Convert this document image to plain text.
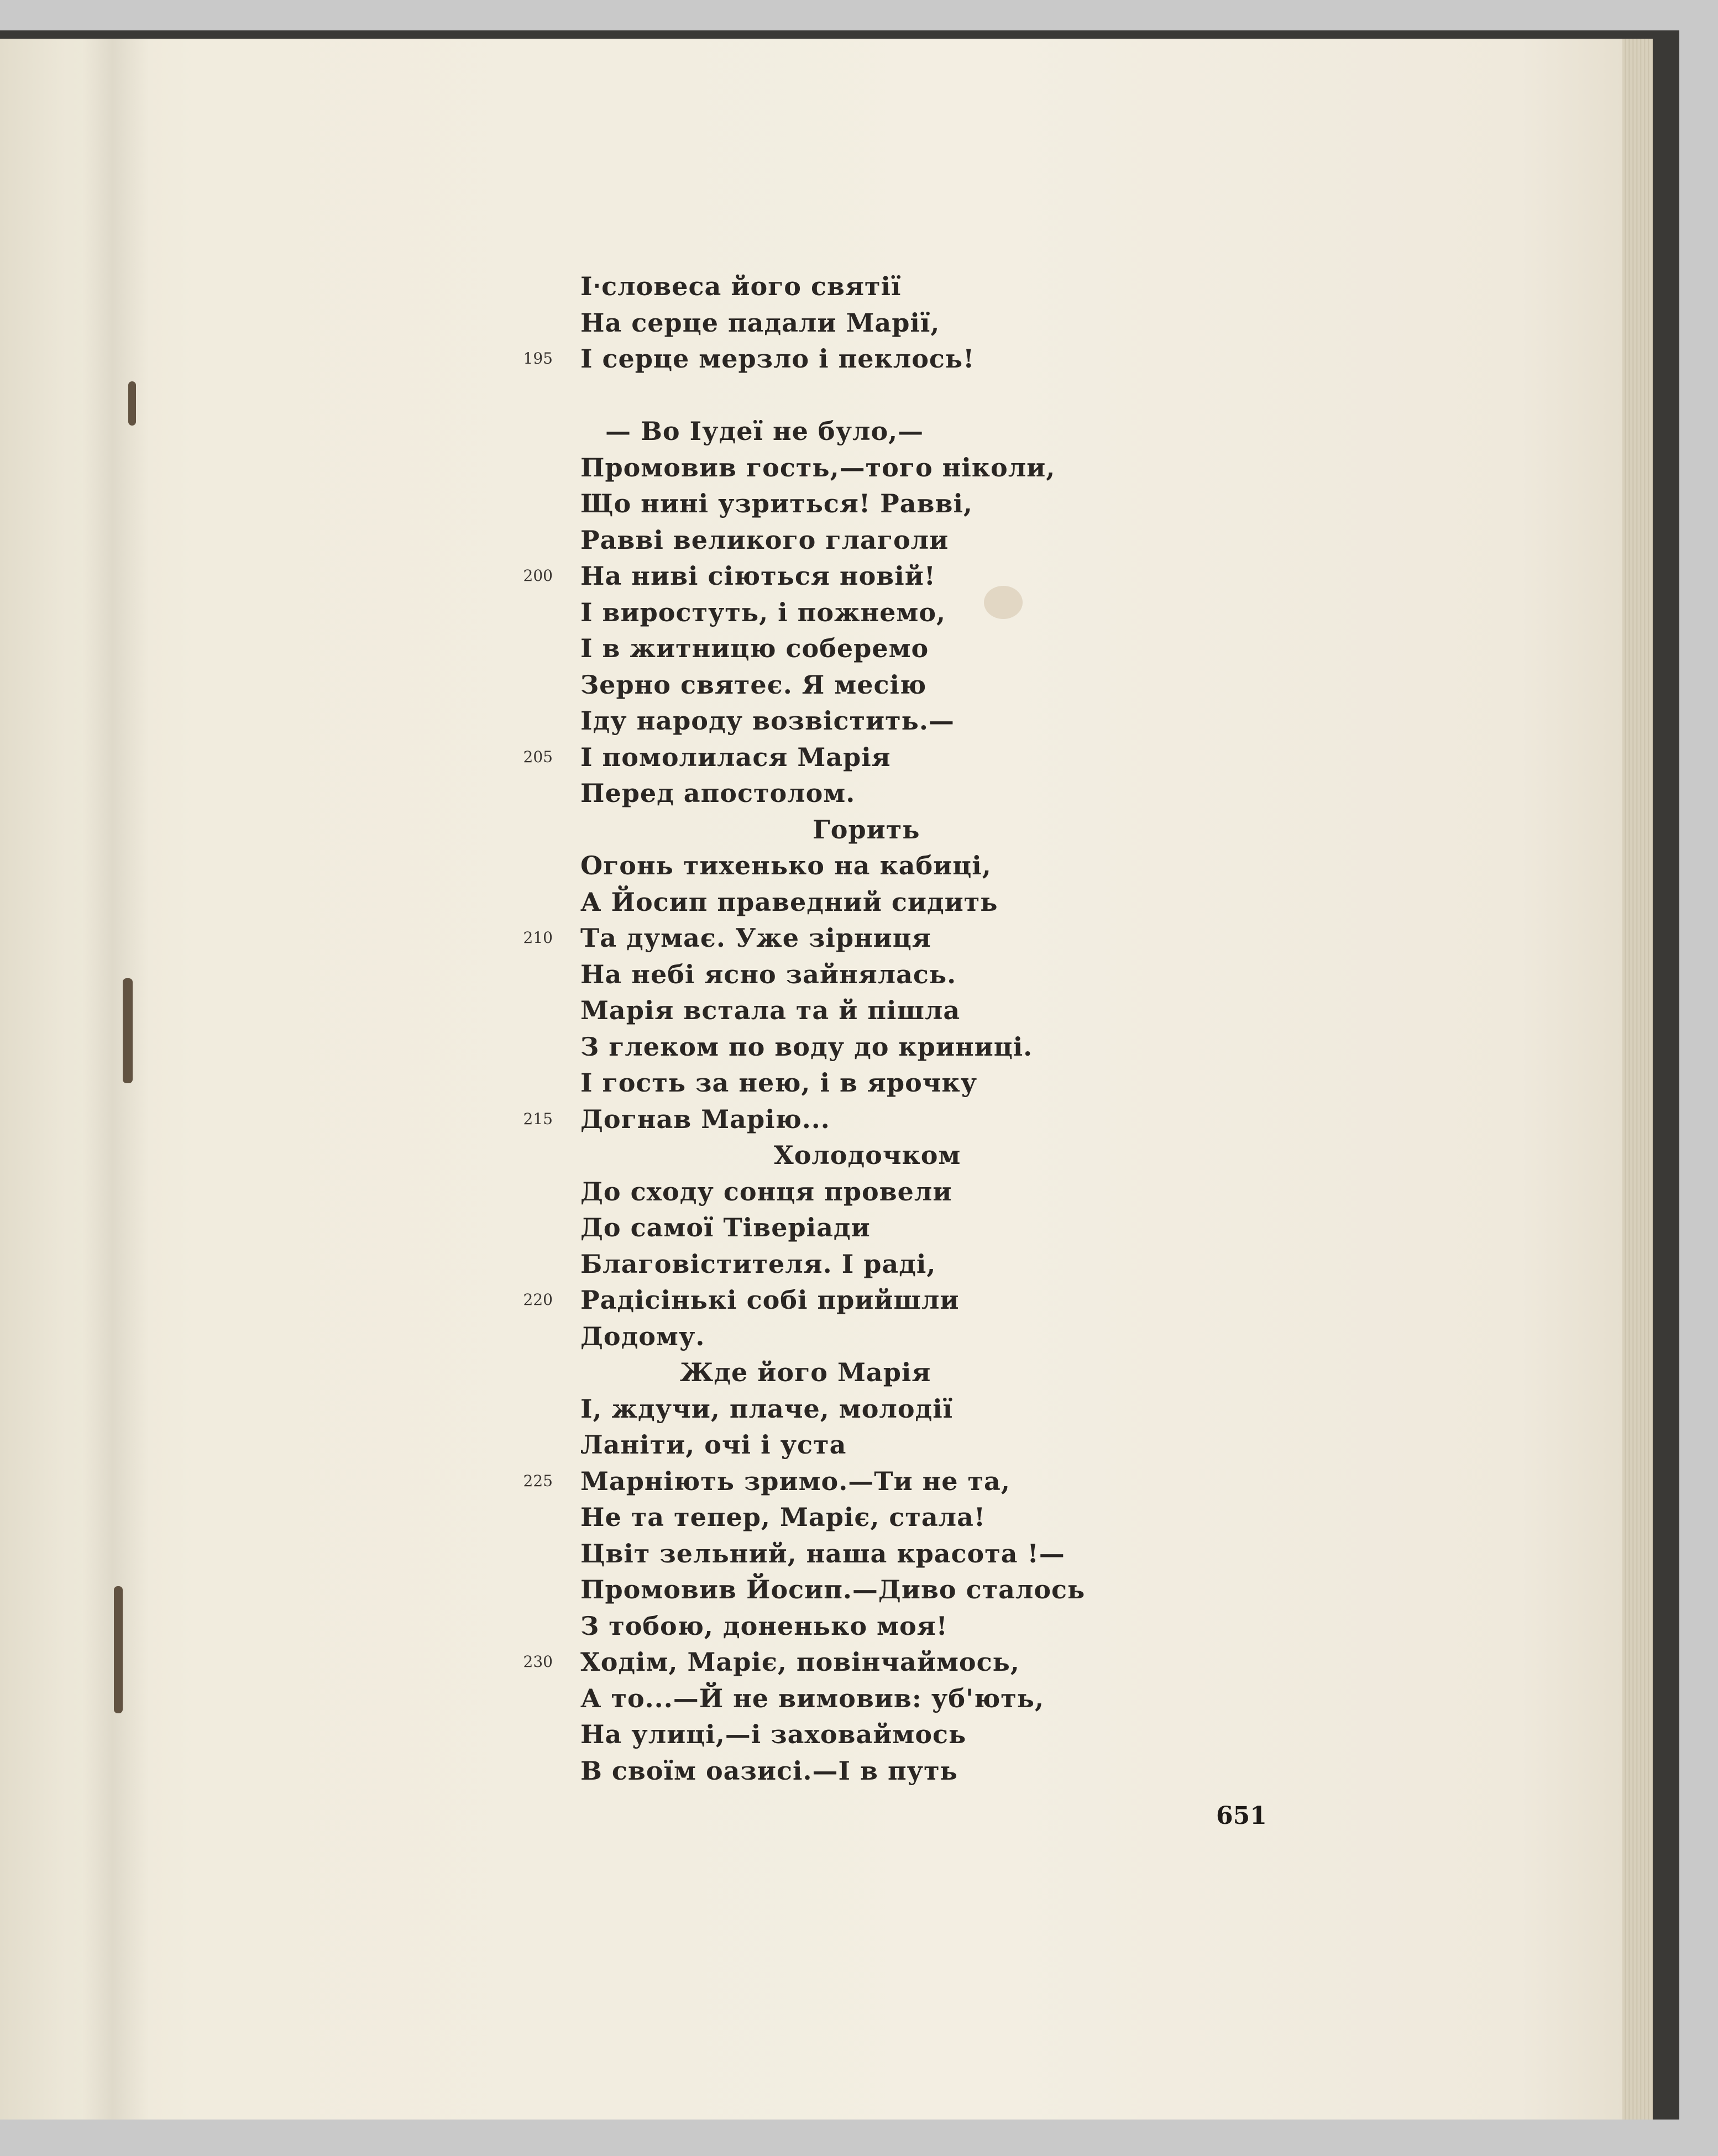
І‧словеса його святії
На серце падали Марії,
І серце мерзло і пеклось!
195
— Во Іудеї не було,—
Промовив гость,—того ніколи,
Що нині узриться! Равві,
Равві великого глаголи
На ниві сіються новій!
200
І виростуть, і пожнемо,
І в житницю соберемо
Зерно святеє. Я месію
Іду народу возвістить.—
І помолилася Марія
205
Перед апостолом.
Горить
Огонь тихенько на кабиці,
А Йосип праведний сидить
Та думає. Уже зірниця
210
На небі ясно зайнялась.
Марія встала та й пішла
З глеком по воду до криниці.
І гость за нею, і в ярочку
Догнав Марію...
215
Холодочком
До сходу сонця провели
До самої Тіверіади
Благовістителя. І раді,
Радісінькі собі прийшли
220
Додому.
Жде його Марія
І, ждучи, плаче, молодії
Ланіти, очі і уста
Марніють зримо.—Ти не та,
225
Не та тепер, Маріє, стала!
Цвіт зельний, наша красота !—
Промовив Йосип.—Диво сталось
З тобою, доненько моя!
Ходім, Маріє, повінчаймось,
230
А то...—Й не вимовив: уб'ють,
На улиці,—і заховаймось
В своїм оазисі.—І в путь
651
